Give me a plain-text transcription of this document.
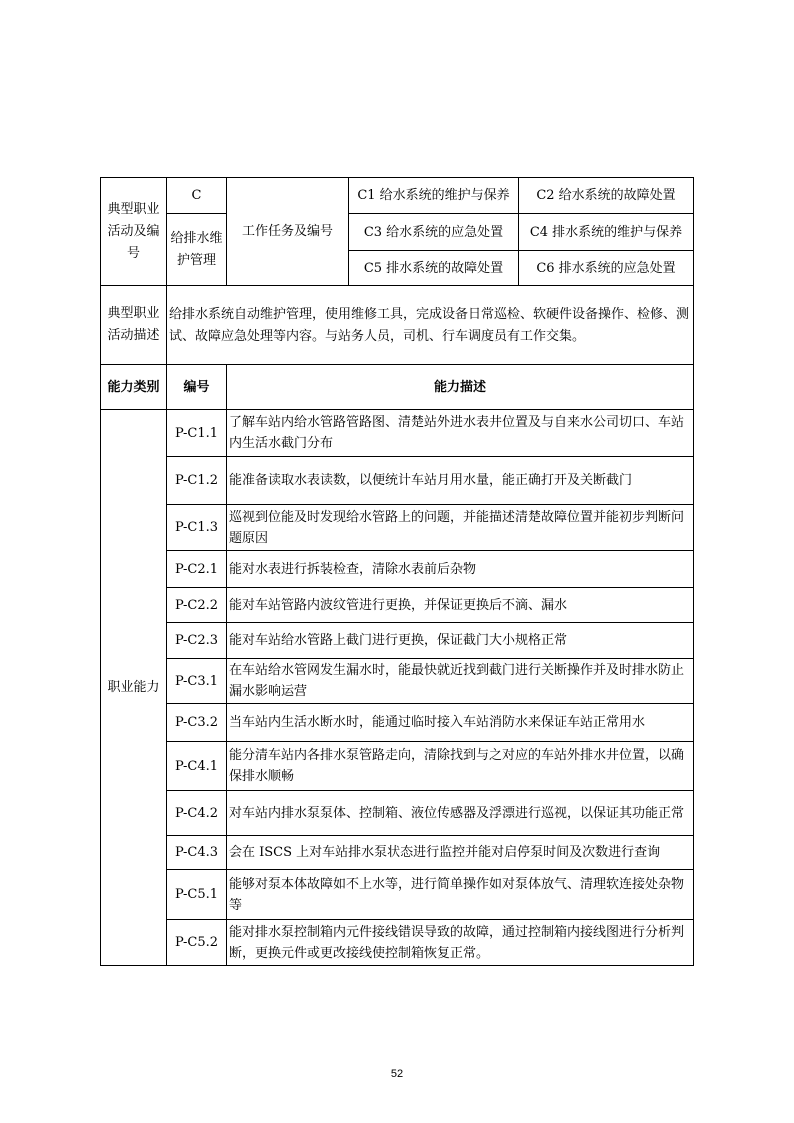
典型职业活动及编号	C	工作任务及编号	C1 给水系统的维护与保养	C2 给水系统的故障处置
	给排水维护管理		C3 给水系统的应急处置	C4 排水系统的维护与保养
			C5 排水系统的故障处置	C6 排水系统的应急处置
典型职业活动描述	给排水系统自动维护管理，使用维修工具，完成设备日常巡检、软硬件设备操作、检修、测试、故障应急处理等内容。与站务人员，司机、行车调度员有工作交集。			
能力类别	编号	能力描述
职业能力	P-C1.1	了解车站内给水管路管路图、清楚站外进水表井位置及与自来水公司切口、车站内生活水截门分布
	P-C1.2	能准备读取水表读数，以便统计车站月用水量，能正确打开及关断截门
	P-C1.3	巡视到位能及时发现给水管路上的问题，并能描述清楚故障位置并能初步判断问题原因
	P-C2.1	能对水表进行拆装检查，清除水表前后杂物
	P-C2.2	能对车站管路内波纹管进行更换，并保证更换后不滴、漏水
	P-C2.3	能对车站给水管路上截门进行更换，保证截门大小规格正常
	P-C3.1	在车站给水管网发生漏水时，能最快就近找到截门进行关断操作并及时排水防止漏水影响运营
	P-C3.2	当车站内生活水断水时，能通过临时接入车站消防水来保证车站正常用水
	P-C4.1	能分清车站内各排水泵管路走向，清除找到与之对应的车站外排水井位置，以确保排水顺畅
	P-C4.2	对车站内排水泵泵体、控制箱、液位传感器及浮漂进行巡视，以保证其功能正常
	P-C4.3	会在 ISCS 上对车站排水泵状态进行监控并能对启停泵时间及次数进行查询
	P-C5.1	能够对泵本体故障如不上水等，进行简单操作如对泵体放气、清理软连接处杂物等
	P-C5.2	能对排水泵控制箱内元件接线错误导致的故障，通过控制箱内接线图进行分析判断，更换元件或更改接线使控制箱恢复正常。
52
